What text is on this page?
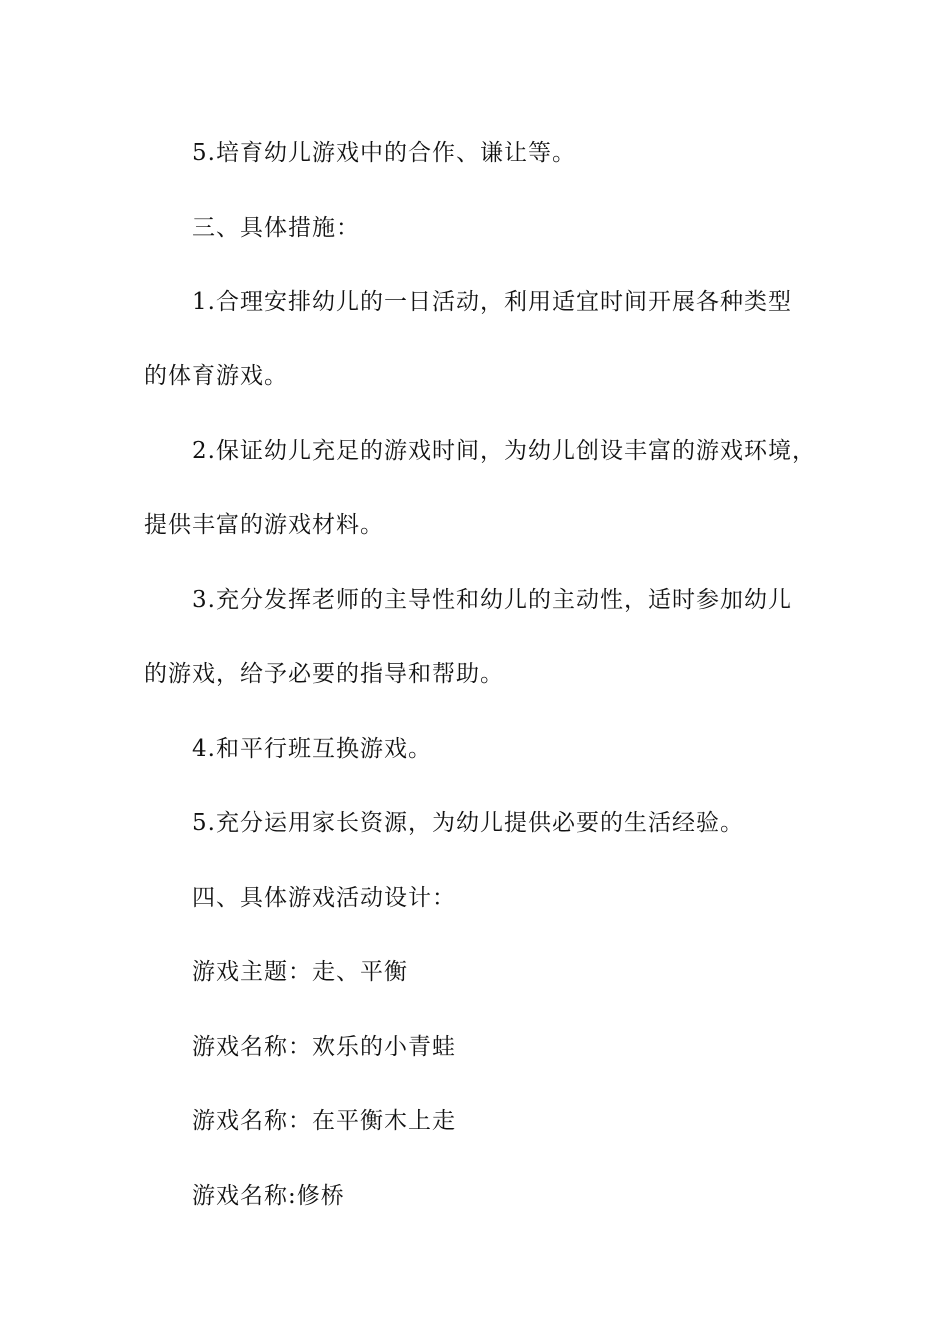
5.培育幼儿游戏中的合作、谦让等。
三、具体措施：
1.合理安排幼儿的一日活动，利用适宜时间开展各种类型
的体育游戏。
2.保证幼儿充足的游戏时间，为幼儿创设丰富的游戏环境，
提供丰富的游戏材料。
3.充分发挥老师的主导性和幼儿的主动性，适时参加幼儿
的游戏，给予必要的指导和帮助。
4.和平行班互换游戏。
5.充分运用家长资源，为幼儿提供必要的生活经验。
四、具体游戏活动设计：
游戏主题：走、平衡
游戏名称：欢乐的小青蛙
游戏名称：在平衡木上走
游戏名称:修桥
